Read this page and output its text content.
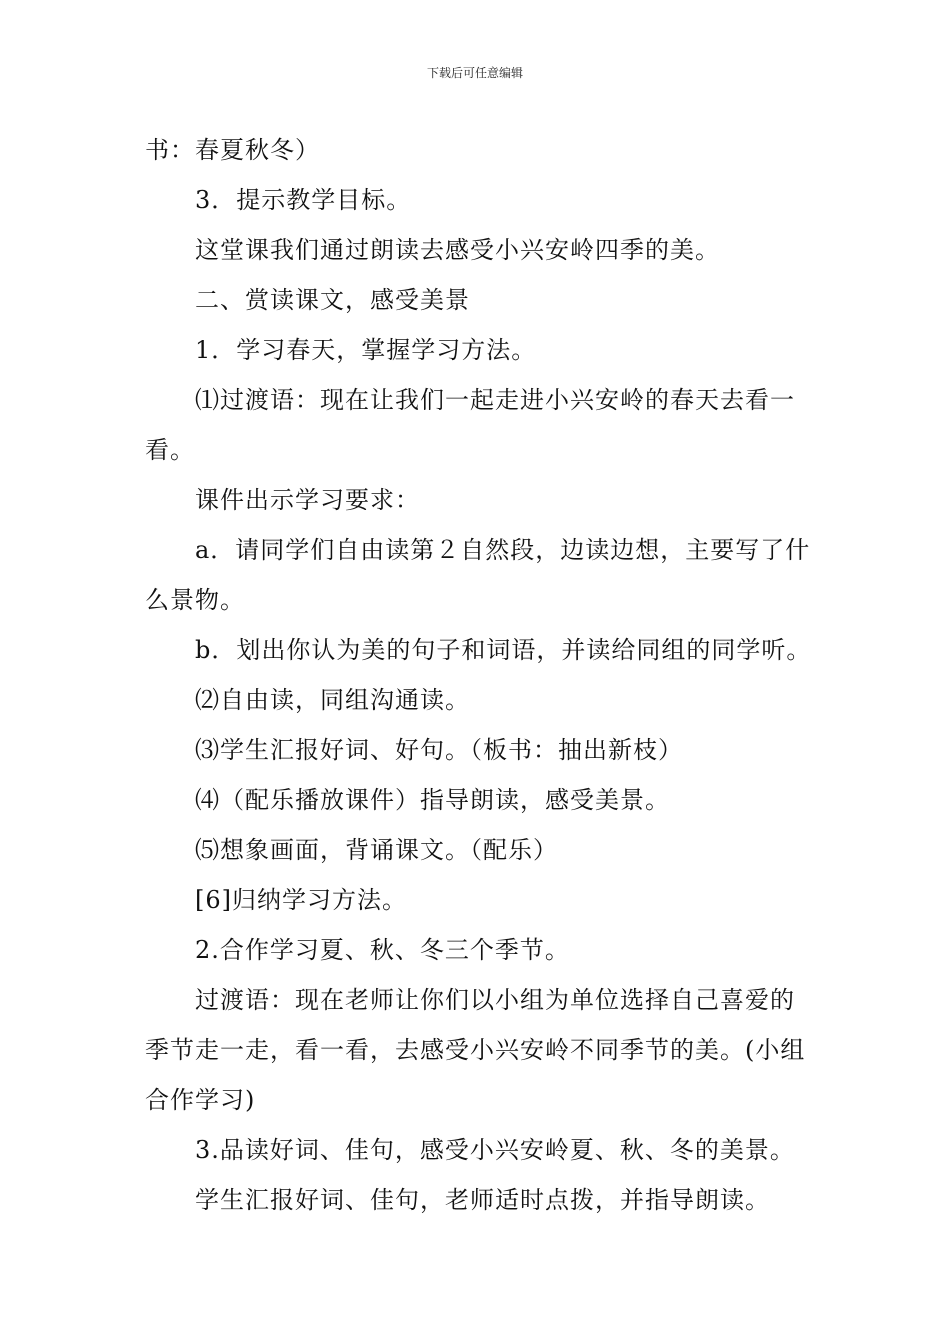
下载后可任意编辑

书：春夏秋冬）

3．提示教学目标。

这堂课我们通过朗读去感受小兴安岭四季的美。

二、赏读课文，感受美景

1．学习春天，掌握学习方法。

⑴过渡语：现在让我们一起走进小兴安岭的春天去看一看。

课件出示学习要求：

a．请同学们自由读第２自然段，边读边想，主要写了什么景物。

b．划出你认为美的句子和词语，并读给同组的同学听。

⑵自由读，同组沟通读。

⑶学生汇报好词、好句。（板书：抽出新枝）

⑷（配乐播放课件）指导朗读，感受美景。

⑸想象画面，背诵课文。（配乐）

[6]归纳学习方法。

2.合作学习夏、秋、冬三个季节。

过渡语：现在老师让你们以小组为单位选择自己喜爱的季节走一走，看一看，去感受小兴安岭不同季节的美。(小组合作学习)

3.品读好词、佳句，感受小兴安岭夏、秋、冬的美景。

学生汇报好词、佳句，老师适时点拨，并指导朗读。
